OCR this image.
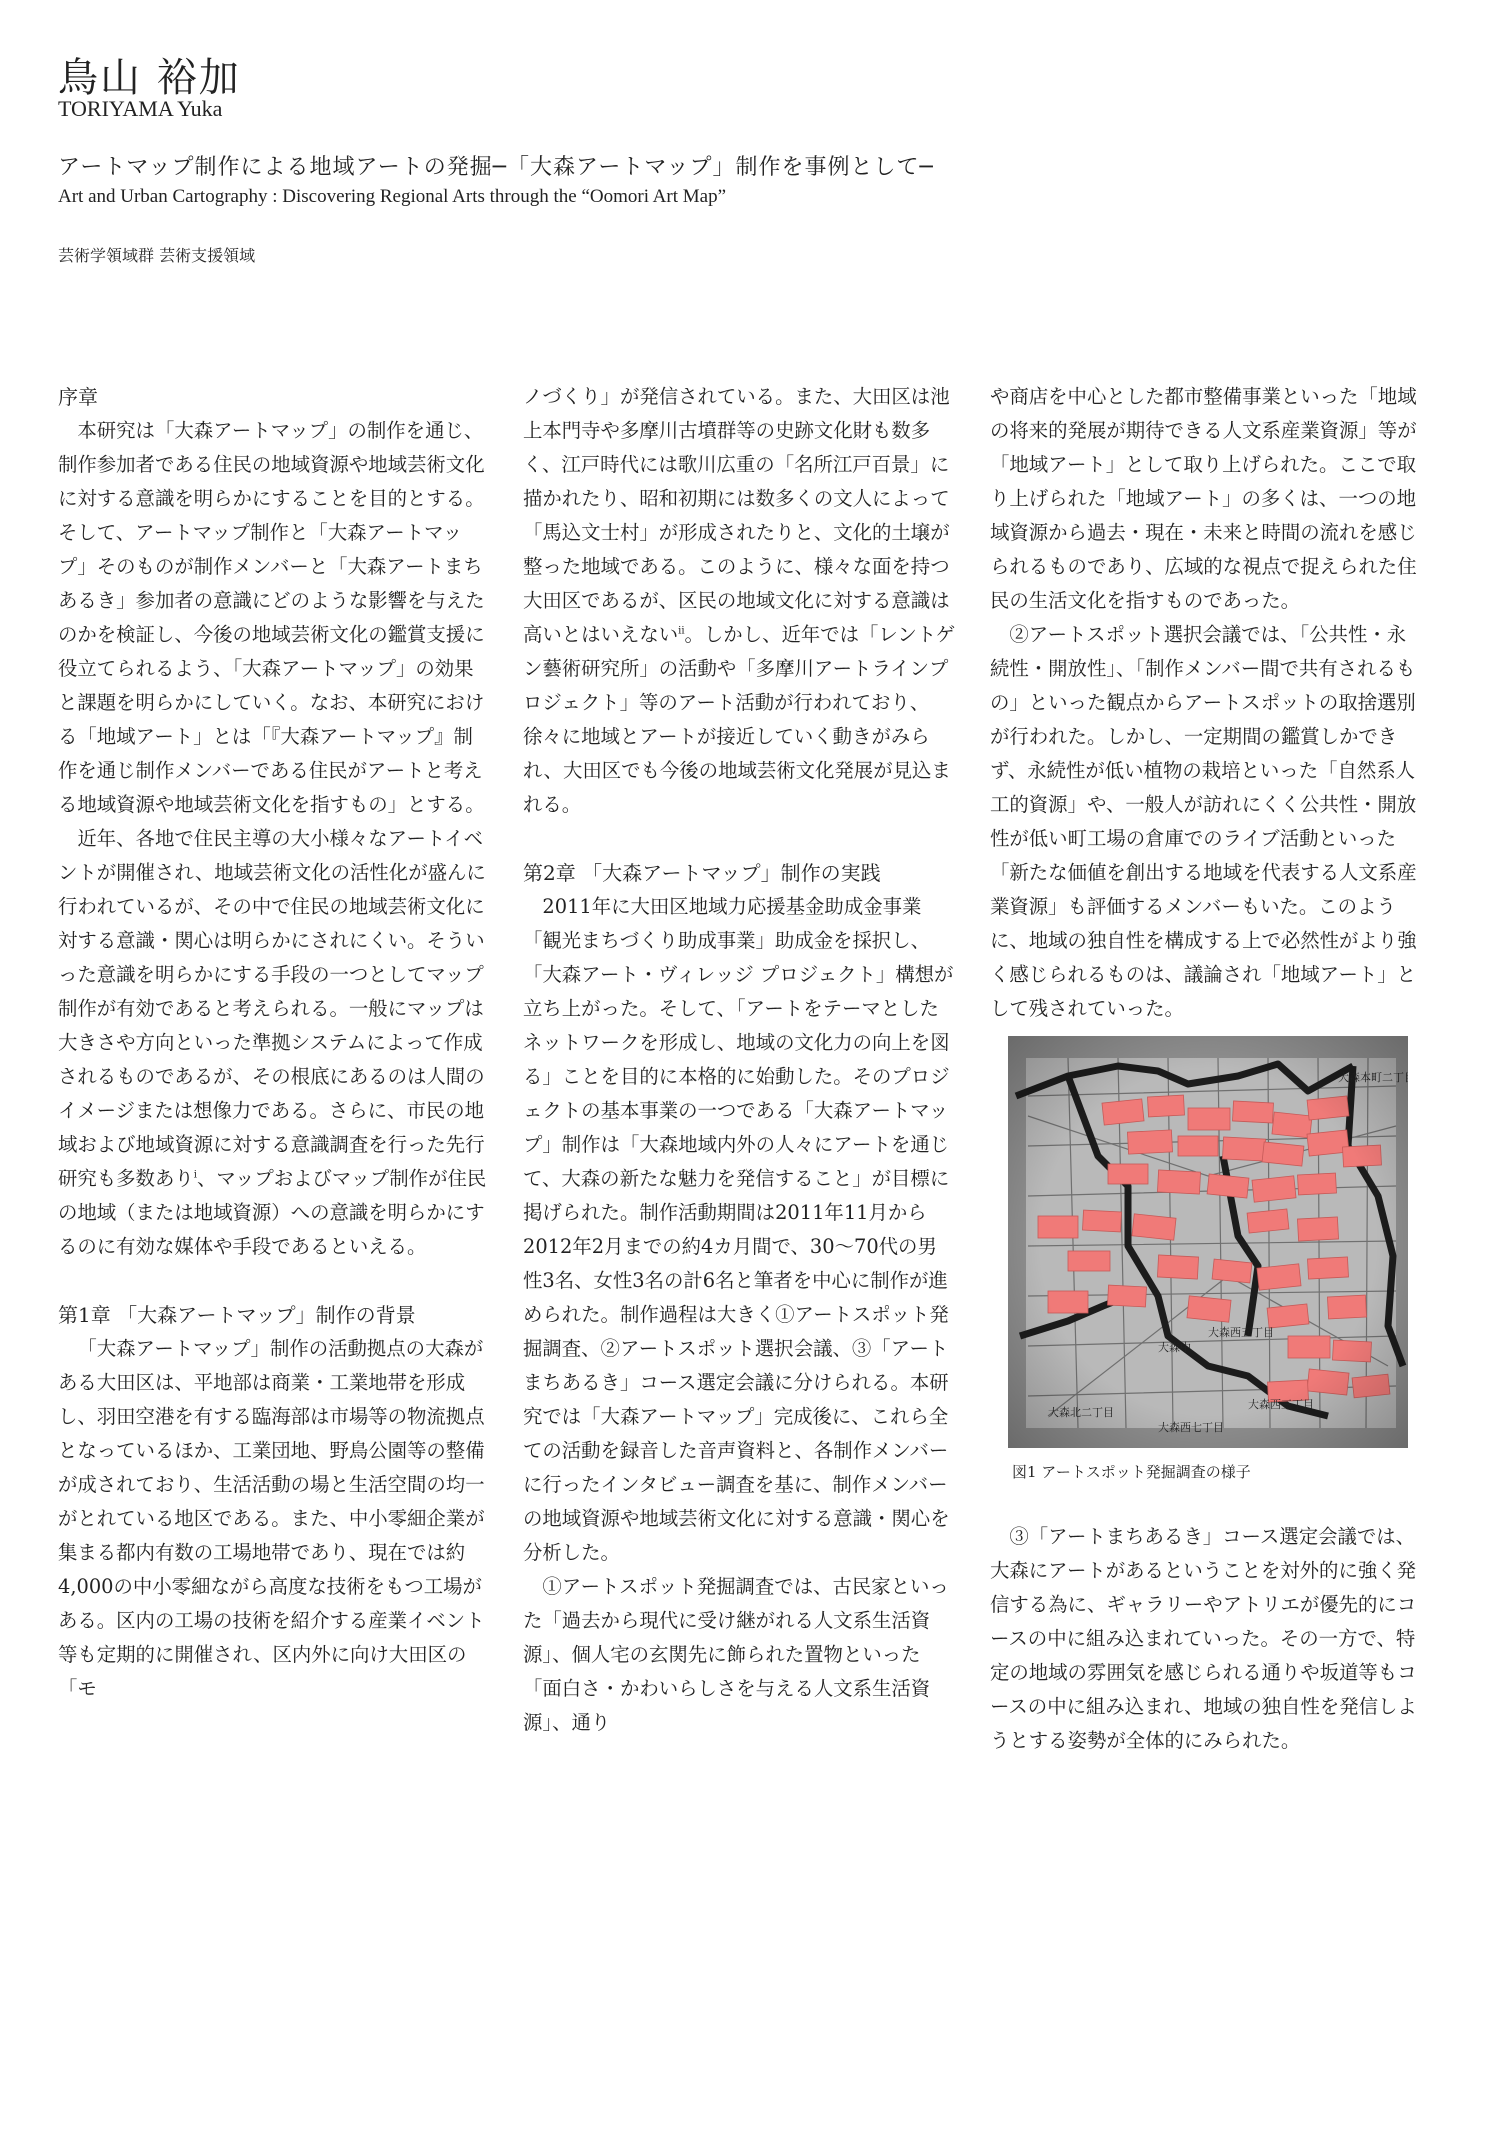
鳥山 裕加
TORIYAMA Yuka
アートマップ制作による地域アートの発掘─「大森アートマップ」制作を事例として─
Art and Urban Cartography : Discovering Regional Arts through the “Oomori Art Map”
芸術学領域群 芸術支援領域
序章

本研究は「大森アートマップ」の制作を通じ、制作参加者である住民の地域資源や地域芸術文化に対する意識を明らかにすることを目的とする。そして、アートマップ制作と「大森アートマップ」そのものが制作メンバーと「大森アートまちあるき」参加者の意識にどのような影響を与えたのかを検証し、今後の地域芸術文化の鑑賞支援に役立てられるよう、「大森アートマップ」の効果と課題を明らかにしていく。なお、本研究における「地域アート」とは「『大森アートマップ』制作を通じ制作メンバーである住民がアートと考える地域資源や地域芸術文化を指すもの」とする。

近年、各地で住民主導の大小様々なアートイベントが開催され、地域芸術文化の活性化が盛んに行われているが、その中で住民の地域芸術文化に対する意識・関心は明らかにされにくい。そういった意識を明らかにする手段の一つとしてマップ制作が有効であると考えられる。一般にマップは大きさや方向といった準拠システムによって作成されるものであるが、その根底にあるのは人間のイメージまたは想像力である。さらに、市民の地域および地域資源に対する意識調査を行った先行研究も多数あり$^i$、マップおよびマップ制作が住民の地域（または地域資源）への意識を明らかにするのに有効な媒体や手段であるといえる。

第1章 「大森アートマップ」制作の背景

「大森アートマップ」制作の活動拠点の大森がある大田区は、平地部は商業・工業地帯を形成し、羽田空港を有する臨海部は市場等の物流拠点となっているほか、工業団地、野鳥公園等の整備が成されており、生活活動の場と生活空間の均一がとれている地区である。また、中小零細企業が集まる都内有数の工場地帯であり、現在では約4,000の中小零細ながら高度な技術をもつ工場がある。区内の工場の技術を紹介する産業イベント等も定期的に開催され、区内外に向け大田区の「モ

ノづくり」が発信されている。また、大田区は池上本門寺や多摩川古墳群等の史跡文化財も数多く、江戸時代には歌川広重の「名所江戸百景」に描かれたり、昭和初期には数多くの文人によって「馬込文士村」が形成されたりと、文化的土壌が整った地域である。このように、様々な面を持つ大田区であるが、区民の地域文化に対する意識は高いとはいえない$^{ii}$。しかし、近年では「レントゲン藝術研究所」の活動や「多摩川アートラインプロジェクト」等のアート活動が行われており、徐々に地域とアートが接近していく動きがみられ、大田区でも今後の地域芸術文化発展が見込まれる。

第2章 「大森アートマップ」制作の実践

2011年に大田区地域力応援基金助成金事業「観光まちづくり助成事業」助成金を採択し、「大森アート・ヴィレッジ プロジェクト」構想が立ち上がった。そして、「アートをテーマとしたネットワークを形成し、地域の文化力の向上を図る」ことを目的に本格的に始動した。そのプロジェクトの基本事業の一つである「大森アートマップ」制作は「大森地域内外の人々にアートを通じて、大森の新たな魅力を発信すること」が目標に掲げられた。制作活動期間は2011年11月から2012年2月までの約4カ月間で、30〜70代の男性3名、女性3名の計6名と筆者を中心に制作が進められた。制作過程は大きく①アートスポット発掘調査、②アートスポット選択会議、③「アートまちあるき」コース選定会議に分けられる。本研究では「大森アートマップ」完成後に、これら全ての活動を録音した音声資料と、各制作メンバーに行ったインタビュー調査を基に、制作メンバーの地域資源や地域芸術文化に対する意識・関心を分析した。

①アートスポット発掘調査では、古民家といった「過去から現代に受け継がれる人文系生活資源」、個人宅の玄関先に飾られた置物といった「面白さ・かわいらしさを与える人文系生活資源」、通り

や商店を中心とした都市整備事業といった「地域の将来的発展が期待できる人文系産業資源」等が「地域アート」として取り上げられた。ここで取り上げられた「地域アート」の多くは、一つの地域資源から過去・現在・未来と時間の流れを感じられるものであり、広域的な視点で捉えられた住民の生活文化を指すものであった。

②アートスポット選択会議では、「公共性・永続性・開放性」、「制作メンバー間で共有されるもの」といった観点からアートスポットの取捨選別が行われた。しかし、一定期間の鑑賞しかできず、永続性が低い植物の栽培といった「自然系人工的資源」や、一般人が訪れにくく公共性・開放性が低い町工場の倉庫でのライブ活動といった「新たな価値を創出する地域を代表する人文系産業資源」も評価するメンバーもいた。このように、地域の独自性を構成する上で必然性がより強く感じられるものは、議論され「地域アート」として残されていった。

図1 アートスポット発掘調査の様子

③「アートまちあるき」コース選定会議では、大森にアートがあるということを対外的に強く発信する為に、ギャラリーやアトリエが優先的にコースの中に組み込まれていった。その一方で、特定の地域の雰囲気を感じられる通りや坂道等もコースの中に組み込まれ、地域の独自性を発信しようとする姿勢が全体的にみられた。
